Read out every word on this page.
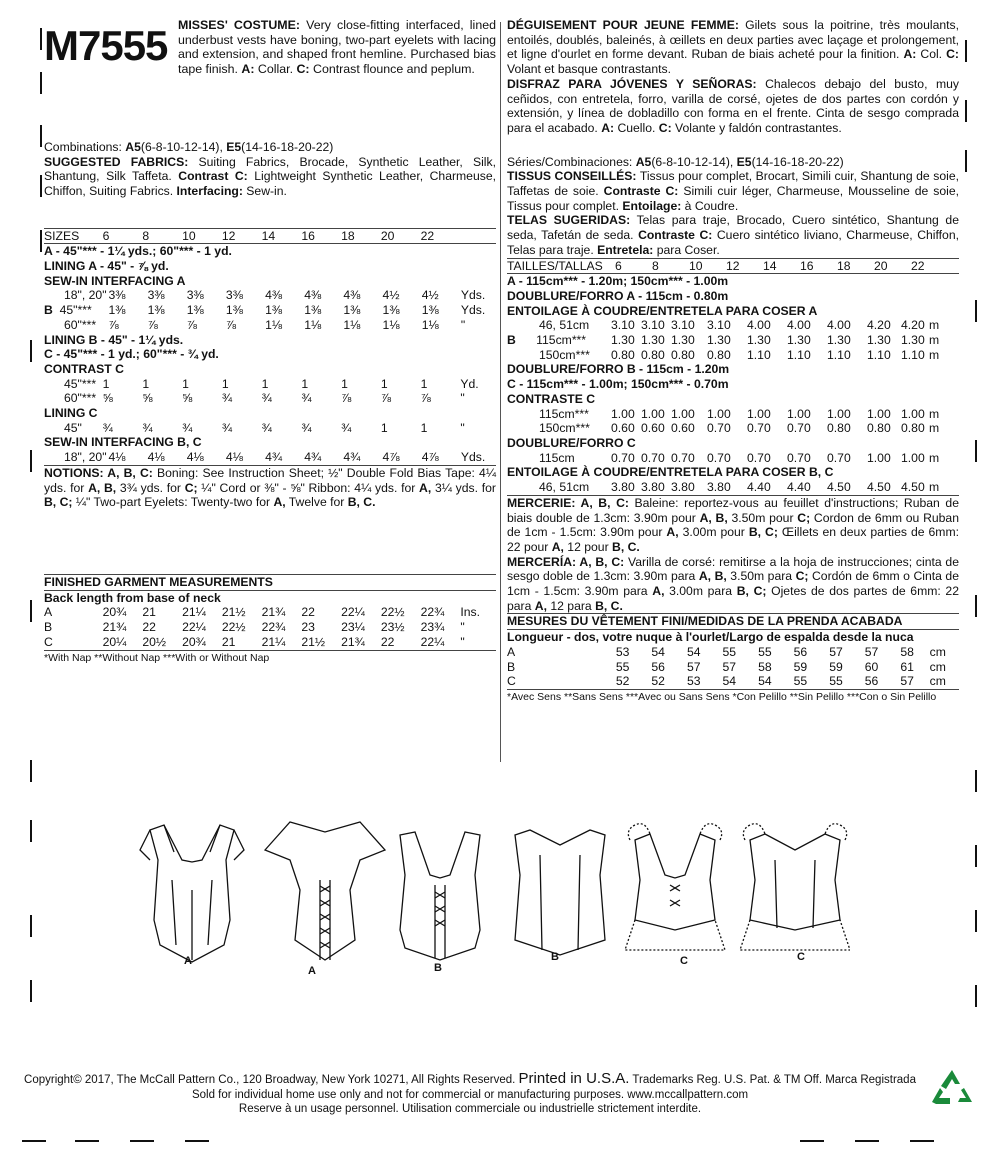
M7555 MISSES' COSTUME: Very close-fitting interfaced, lined underbust vests have boning, two-part eyelets with lacing and extension, and shaped front hemline. Purchased bias tape finish. A: Collar. C: Contrast flounce and peplum.

Combinations: A5(6-8-10-12-14), E5(14-16-18-20-22)

SUGGESTED FABRICS: Suiting Fabrics, Brocade, Synthetic Leather, Silk, Shantung, Silk Taffeta. Contrast C: Lightweight Synthetic Leather, Charmeuse, Chiffon, Suiting Fabrics. Interfacing: Sew-in.

SIZES	6	8	10	12	14	16	18	20	22	

A - 45"*** - 1¼ yds.; 60"*** - 1 yd.

LINING A - 45" - ⅞ yd.

SEW-IN INTERFACING A

18", 20"	3⅜	3⅜	3⅜	3⅜	4⅜	4⅜	4⅜	4½	4½	Yds.
B 45"***	1⅜	1⅜	1⅜	1⅜	1⅜	1⅜	1⅜	1⅜	1⅜	Yds.
60"***	⅞	⅞	⅞	⅞	1⅛	1⅛	1⅛	1⅛	1⅛	"

LINING B - 45" - 1¼ yds.

C - 45"*** - 1 yd.; 60"*** - ¾ yd.

CONTRAST C

45"***	1	1	1	1	1	1	1	1	1	Yd.
60"***	⅝	⅝	⅝	¾	¾	¾	⅞	⅞	⅞	"

LINING C

45"	¾	¾	¾	¾	¾	¾	¾	1	1	"

SEW-IN INTERFACING B, C

18", 20"	4⅛	4⅛	4⅛	4⅛	4¾	4¾	4¾	4⅞	4⅞	Yds.

NOTIONS: A, B, C: Boning: See Instruction Sheet; ½" Double Fold Bias Tape: 4¼ yds. for A, B, 3¾ yds. for C; ¼" Cord or ⅜" - ⅝" Ribbon: 4¼ yds. for A, 3¼ yds. for B, C; ¼" Two-part Eyelets: Twenty-two for A, Twelve for B, C.

FINISHED GARMENT MEASUREMENTS

Back length from base of neck

A	20¾	21	21¼	21½	21¾	22	22¼	22½	22¾	Ins.
B	21¾	22	22¼	22½	22¾	23	23¼	23½	23¾	"
C	20¼	20½	20¾	21	21¼	21½	21¾	22	22¼	"

*With Nap **Without Nap ***With or Without Nap

DÉGUISEMENT POUR JEUNE FEMME: Gilets sous la poitrine, très moulants, entoilés, doublés, baleinés, à œillets en deux parties avec laçage et prolongement, et ligne d'ourlet en forme devant. Ruban de biais acheté pour la finition. A: Col. C: Volant et basque contrastants.

DISFRAZ PARA JÓVENES Y SEÑORAS: Chalecos debajo del busto, muy ceñidos, con entretela, forro, varilla de corsé, ojetes de dos partes con cordón y extensión, y línea de dobladillo con forma en el frente. Cinta de sesgo comprada para el acabado. A: Cuello. C: Volante y faldón contrastantes.

Séries/Combinaciones: A5(6-8-10-12-14), E5(14-16-18-20-22)

TISSUS CONSEILLÉS: Tissus pour complet, Brocart, Simili cuir, Shantung de soie, Taffetas de soie. Contraste C: Simili cuir léger, Charmeuse, Mousseline de soie, Tissus pour complet. Entoilage: à Coudre.

TELAS SUGERIDAS: Telas para traje, Brocado, Cuero sintético, Shantung de seda, Tafetán de seda. Contraste C: Cuero sintético liviano, Charmeuse, Chiffon, Telas para traje. Entretela: para Coser.

TAILLES/TALLAS	6	8	10	12	14	16	18	20	22	

A - 115cm*** - 1.20m; 150cm*** - 1.00m

DOUBLURE/FORRO A - 115cm - 0.80m

ENTOILAGE À COUDRE/ENTRETELA PARA COSER A

46, 51cm	3.10	3.10	3.10	3.10	4.00	4.00	4.00	4.20	4.20	m
B 115cm***	1.30	1.30	1.30	1.30	1.30	1.30	1.30	1.30	1.30	m
150cm***	0.80	0.80	0.80	0.80	1.10	1.10	1.10	1.10	1.10	m

DOUBLURE/FORRO B - 115cm - 1.20m

C - 115cm*** - 1.00m; 150cm*** - 0.70m

CONTRASTE C

115cm***	1.00	1.00	1.00	1.00	1.00	1.00	1.00	1.00	1.00	m
150cm***	0.60	0.60	0.60	0.70	0.70	0.70	0.80	0.80	0.80	m

DOUBLURE/FORRO C

115cm	0.70	0.70	0.70	0.70	0.70	0.70	0.70	1.00	1.00	m

ENTOILAGE À COUDRE/ENTRETELA PARA COSER B, C

46, 51cm	3.80	3.80	3.80	3.80	4.40	4.40	4.50	4.50	4.50	m

MERCERIE: A, B, C: Baleine: reportez-vous au feuillet d'instructions; Ruban de biais double de 1.3cm: 3.90m pour A, B, 3.50m pour C; Cordon de 6mm ou Ruban de 1cm - 1.5cm: 3.90m pour A, 3.00m pour B, C; Œillets en deux parties de 6mm: 22 pour A, 12 pour B, C.

MERCERÍA: A, B, C: Varilla de corsé: remitirse a la hoja de instrucciones; cinta de sesgo doble de 1.3cm: 3.90m para A, B, 3.50m para C; Cordón de 6mm o Cinta de 1cm - 1.5cm: 3.90m para A, 3.00m para B, C; Ojetes de dos partes de 6mm: 22 para A, 12 para B, C.

MESURES DU VÊTEMENT FINI/MEDIDAS DE LA PRENDA ACABADA

Longueur - dos, votre nuque à l'ourlet/Largo de espalda desde la nuca

A	53	54	54	55	55	56	57	57	58	cm
B	55	56	57	57	58	59	59	60	61	cm
C	52	52	53	54	54	55	55	56	57	cm

*Avec Sens **Sans Sens ***Avec ou Sans Sens *Con Pelillo **Sin Pelillo ***Con o Sin Pelillo

A
A	B
B	C	C
Copyright© 2017, The McCall Pattern Co., 120 Broadway, New York 10271, All Rights Reserved. Printed in U.S.A. Trademarks Reg. U.S. Pat. & TM Off. Marca Registrada
Sold for individual home use only and not for commercial or manufacturing purposes. www.mccallpattern.com
Reserve à un usage personnel. Utilisation commerciale ou industrielle strictement interdite.
